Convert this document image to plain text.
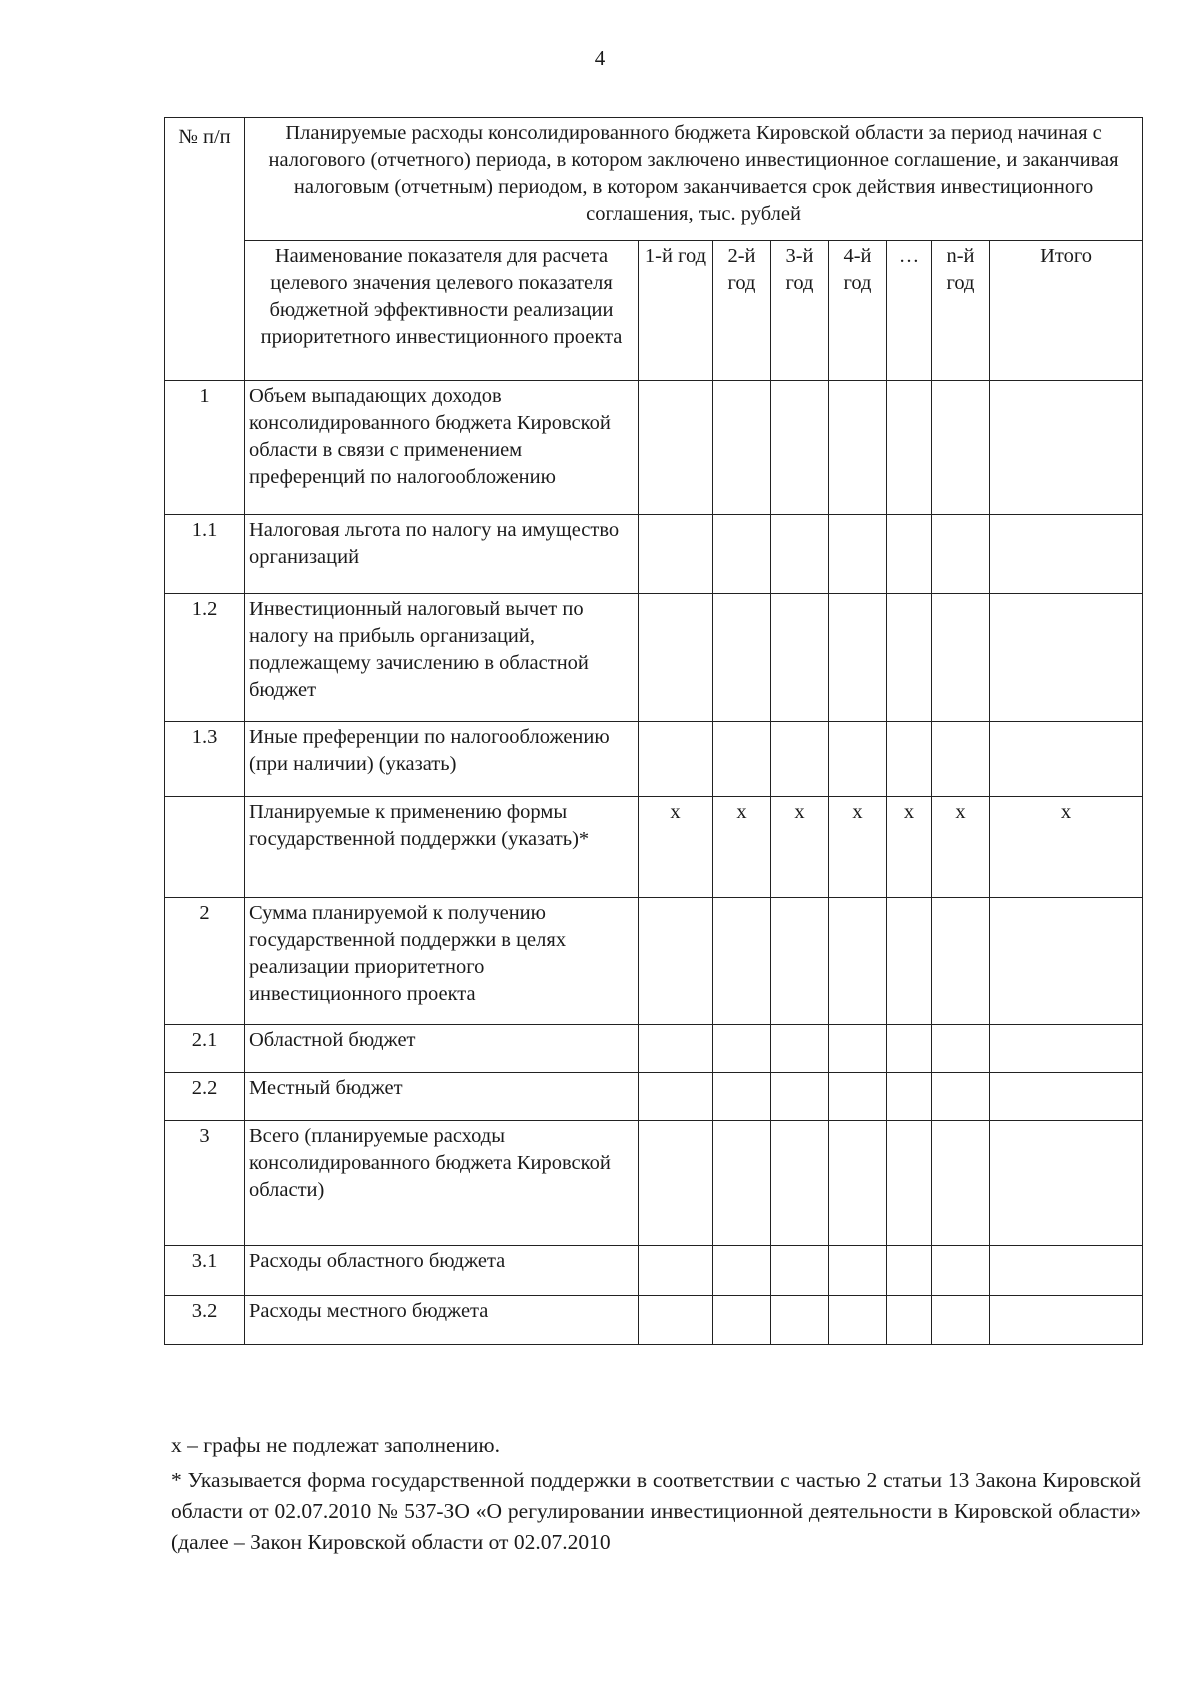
4
№ п/п	Планируемые расходы консолидированного бюджета Кировской области за период начиная с налогового (отчетного) периода, в котором заключено инвестиционное соглашение, и заканчивая налоговым (отчетным) периодом, в котором заканчивается срок действия инвестиционного соглашения, тыс. рублей							
	Наименование показателя для расчета целевого значения целевого показателя бюджетной эффективности реализации приоритетного инвестиционного проекта	1-й год	2-й год	3-й год	4-й год	…	n-й год	Итого
1	Объем выпадающих доходов консолидированного бюджета Кировской области в связи с применением преференций по налогообложению							
1.1	Налоговая льгота по налогу на имущество организаций							
1.2	Инвестиционный налоговый вычет по налогу на прибыль организаций, подлежащему зачислению в областной бюджет							
1.3	Иные преференции по налогообложению (при наличии) (указать)							
	Планируемые к применению формы государственной поддержки (указать)*	x	x	x	x	x	x	x
2	Сумма планируемой к получению государственной поддержки в целях реализации приоритетного инвестиционного проекта							
2.1	Областной бюджет							
2.2	Местный бюджет							
3	Всего (планируемые расходы консолидированного бюджета Кировской области)							
3.1	Расходы областного бюджета							
3.2	Расходы местного бюджета							

x – графы не подлежат заполнению.

* Указывается форма государственной поддержки в соответствии с частью 2 статьи 13 Закона Кировской области от 02.07.2010 № 537-ЗО «О регулировании инвестиционной деятельности в Кировской области» (далее – Закон Кировской области от 02.07.2010
